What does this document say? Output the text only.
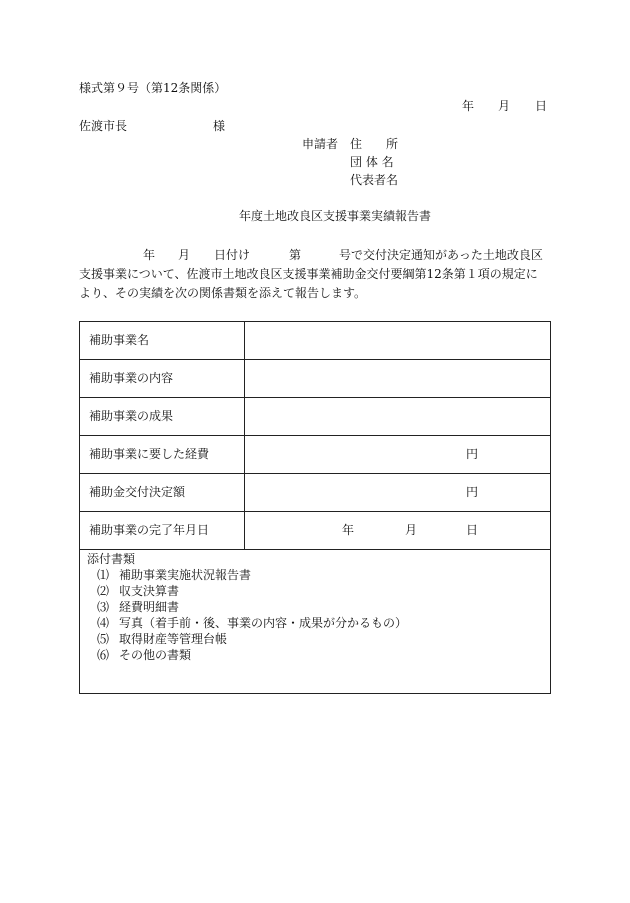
様式第９号（第12条関係）
年 月 日
佐渡市長	様
申請者 住　　所
団 体 名
代表者名
年度土地改良区支援事業実績報告書
年 月 日付け	第	号で交付決定通知があった土地改良区
支援事業について、佐渡市土地改良区支援事業補助金交付要綱第12条第１項の規定に
より、その実績を次の関係書類を添えて報告します。
補助事業名
補助事業の内容
補助事業の成果
補助事業に要した経費	円
補助金交付決定額	円
補助事業の完了年月日	年	月	日
添付書類
⑴ 補助事業実施状況報告書
⑵ 収支決算書
⑶ 経費明細書
⑷ 写真（着手前・後、事業の内容・成果が分かるもの）
⑸ 取得財産等管理台帳
⑹ その他の書類
